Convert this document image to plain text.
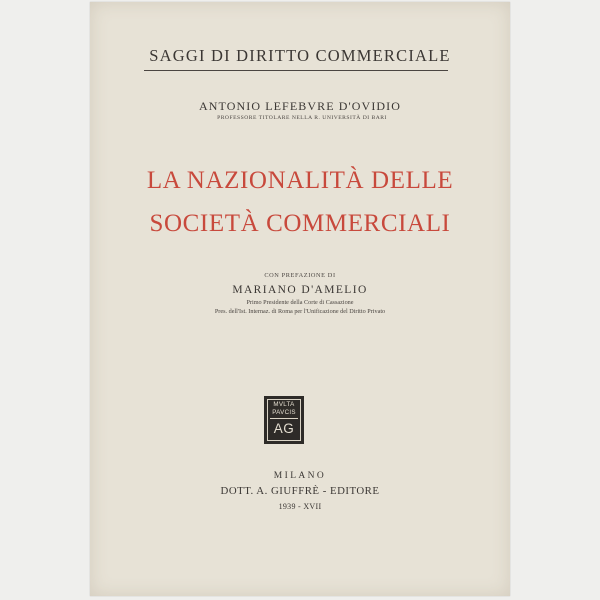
SAGGI DI DIRITTO COMMERCIALE
ANTONIO LEFEBVRE D'OVIDIO
PROFESSORE TITOLARE NELLA R. UNIVERSITÀ DI BARI
LA NAZIONALITÀ DELLE
SOCIETÀ COMMERCIALI
CON PREFAZIONE DI
MARIANO D'AMELIO
Primo Presidente della Corte di Cassazione
Pres. dell'Ist. Internaz. di Roma per l'Unificazione del Diritto Privato
MVLTA
PAVCIS
AG
MILANO
DOTT. A. GIUFFRÈ - EDITORE
1939 - XVII
